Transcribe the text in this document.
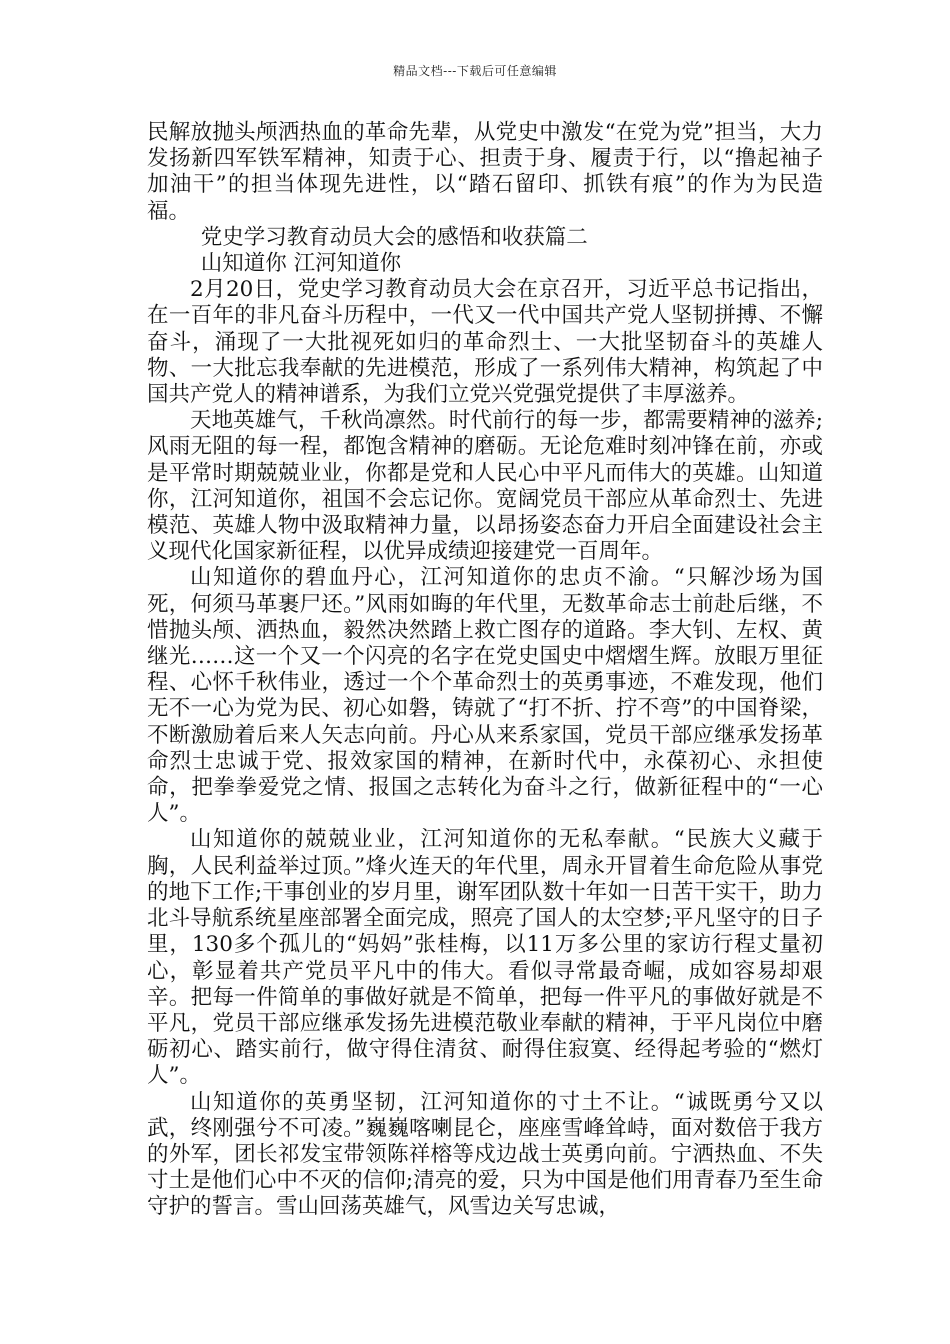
精品文档---下载后可任意编辑

民解放抛头颅洒热血的革命先辈，从党史中激发“在党为党”担当，大力发扬新四军铁军精神，知责于心、担责于身、履责于行，以“撸起袖子加油干”的担当体现先进性，以“踏石留印、抓铁有痕”的作为为民造福。

党史学习教育动员大会的感悟和收获篇二

山知道你 江河知道你

2月20日，党史学习教育动员大会在京召开，习近平总书记指出，在一百年的非凡奋斗历程中，一代又一代中国共产党人坚韧拼搏、不懈奋斗，涌现了一大批视死如归的革命烈士、一大批坚韧奋斗的英雄人物、一大批忘我奉献的先进模范，形成了一系列伟大精神，构筑起了中国共产党人的精神谱系，为我们立党兴党强党提供了丰厚滋养。

天地英雄气，千秋尚凛然。时代前行的每一步，都需要精神的滋养;风雨无阻的每一程，都饱含精神的磨砺。无论危难时刻冲锋在前，亦或是平常时期兢兢业业，你都是党和人民心中平凡而伟大的英雄。山知道你，江河知道你，祖国不会忘记你。宽阔党员干部应从革命烈士、先进模范、英雄人物中汲取精神力量，以昂扬姿态奋力开启全面建设社会主义现代化国家新征程，以优异成绩迎接建党一百周年。

山知道你的碧血丹心，江河知道你的忠贞不渝。“只解沙场为国死，何须马革裹尸还。”风雨如晦的年代里，无数革命志士前赴后继，不惜抛头颅、洒热血，毅然决然踏上救亡图存的道路。李大钊、左权、黄继光……这一个又一个闪亮的名字在党史国史中熠熠生辉。放眼万里征程、心怀千秋伟业，透过一个个革命烈士的英勇事迹，不难发现，他们无不一心为党为民、初心如磐，铸就了“打不折、拧不弯”的中国脊梁，不断激励着后来人矢志向前。丹心从来系家国，党员干部应继承发扬革命烈士忠诚于党、报效家国的精神，在新时代中，永葆初心、永担使命，把拳拳爱党之情、报国之志转化为奋斗之行，做新征程中的“一心人”。

山知道你的兢兢业业，江河知道你的无私奉献。“民族大义藏于胸，人民利益举过顶。”烽火连天的年代里，周永开冒着生命危险从事党的地下工作;干事创业的岁月里，谢军团队数十年如一日苦干实干，助力北斗导航系统星座部署全面完成，照亮了国人的太空梦;平凡坚守的日子里，130多个孤儿的“妈妈”张桂梅，以11万多公里的家访行程丈量初心，彰显着共产党员平凡中的伟大。看似寻常最奇崛，成如容易却艰辛。把每一件简单的事做好就是不简单，把每一件平凡的事做好就是不平凡，党员干部应继承发扬先进模范敬业奉献的精神，于平凡岗位中磨砺初心、踏实前行，做守得住清贫、耐得住寂寞、经得起考验的“燃灯人”。

山知道你的英勇坚韧，江河知道你的寸土不让。“诚既勇兮又以武，终刚强兮不可凌。”巍巍喀喇昆仑，座座雪峰耸峙，面对数倍于我方的外军，团长祁发宝带领陈祥榕等戍边战士英勇向前。宁洒热血、不失寸土是他们心中不灭的信仰;清亮的爱，只为中国是他们用青春乃至生命守护的誓言。雪山回荡英雄气，风雪边关写忠诚，
